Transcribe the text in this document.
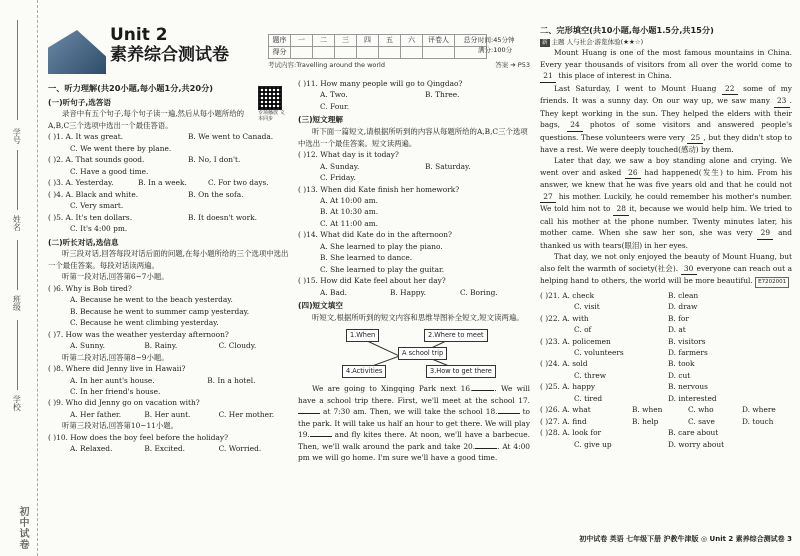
学号
姓名
班级
学校
初中试卷
Unit 2
素养综合测试卷
题序	一	二	三	四	五	六	评卷人	总分
得分								
时间:45分钟
满分:100分
考试内容:Travelling around the world	答案 ➔ P53
专项播放 文本同步
一、听力理解(共20小题,每小题1分,共20分)
(一)听句子,选答语
录音中有五个句子,每个句子读一遍,然后从每小题所给的A,B,C三个选项中选出一个最佳答语。
( )1. A. It was great.	B. We went to Canada.
C. We went there by plane.
( )2. A. That sounds good.	B. No, I don't.
C. Have a good time.
( )3. A. Yesterday.	B. In a week.	C. For two days.
( )4. A. Black and white.	B. On the sofa.
C. Very smart.
( )5. A. It's ten dollars.	B. It doesn't work.
C. It's 4:00 pm.
(二)听长对话,选信息
听三段对话,回答每段对话后面的问题,在每小题所给的三个选项中选出一个最佳答案。每段对话读两遍。
听第一段对话,回答第6~7小题。
( )6. Why is Bob tired?
A. Because he went to the beach yesterday.
B. Because he went to summer camp yesterday.
C. Because he went climbing yesterday.
( )7. How was the weather yesterday afternoon?
A. Sunny.	B. Rainy.	C. Cloudy.
听第二段对话,回答第8~9小题。
( )8. Where did Jenny live in Hawaii?
A. In her aunt's house.	B. In a hotel.
C. In her friend's house.
( )9. Who did Jenny go on vacation with?
A. Her father.	B. Her aunt.	C. Her mother.
听第三段对话,回答第10~11小题。
( )10. How does the boy feel before the holiday?
A. Relaxed.	B. Excited.	C. Worried.
( )11. How many people will go to Qingdao?
A. Two.	B. Three.
C. Four.
(三)短文理解
听下面一篇短文,请根据所听到的内容从每题所给的A,B,C三个选项中选出一个最佳答案。短文读两遍。
( )12. What day is it today?
A. Sunday.	B. Saturday.
C. Friday.
( )13. When did Kate finish her homework?
A. At 10:00 am.
B. At 10:30 am.
C. At 11:00 am.
( )14. What did Kate do in the afternoon?
A. She learned to play the piano.
B. She learned to dance.
C. She learned to play the guitar.
( )15. How did Kate feel about her day?
A. Bad.	B. Happy.	C. Boring.
(四)短文填空
听短文,根据所听到的短文内容和思维导图补全短文,短文读两遍。
1.When	2.Where to meet
A school trip
4.Activities	3.How to get there
We are going to Xingqing Park next 16.	. We will have a school trip there. First, we'll meet at the school 17. at 7:30 am. Then, we will take the school 18.	to the park. It will take us half an hour to get there. We will play 19.	and fly kites there. At noon, we'll have a barbecue. Then, we'll walk around the park and take 20.	. At 4:00 pm we will go home. I'm sure we'll have a good time.
二、完形填空(共10小题,每小题1.5分,共15分)
新 主题 人与社会·游览体验(★★☆)
Mount Huang is one of the most famous mountains in China. Every year thousands of visitors from all over the world come to 21 this place of interest in China.
Last Saturday, I went to Mount Huang 22 some of my friends. It was a sunny day. On our way up, we saw many 23 . They kept working in the sun. They helped the elders with their bags, 24 photos of some visitors and answered people's questions. These volunteers were very 25 , but they didn't stop to have a rest. We were deeply touched(感动) by them.
Later that day, we saw a boy standing alone and crying. We went over and asked 26 had happened(发生) to him. From his answer, we knew that he was five years old and that he could not 27 his mother. Luckily, he could remember his mother's number. We told him not to 28 it, because we would help him. We tried to call his mother at the phone number. Twenty minutes later, his mother came. When she saw her son, she was very 29 and thanked us with tears(眼泪) in her eyes.
That day, we not only enjoyed the beauty of Mount Huang, but also felt the warmth of society(社会). 30 everyone can reach out a helping hand to others, the world will be more beautiful. E7202001
( )21. A. check	B. clean
C. visit	D. draw
( )22. A. with	B. for
C. of	D. at
( )23. A. policemen	B. visitors
C. volunteers	D. farmers
( )24. A. sold	B. took
C. threw	D. cut
( )25. A. happy	B. nervous
C. tired	D. interested
( )26. A. what	B. when	C. who	D. where
( )27. A. find	B. help	C. save	D. touch
( )28. A. look for	B. care about
C. give up	D. worry about
初中试卷 英语 七年级下册 沪教牛津版 ◎ Unit 2 素养综合测试卷 3
